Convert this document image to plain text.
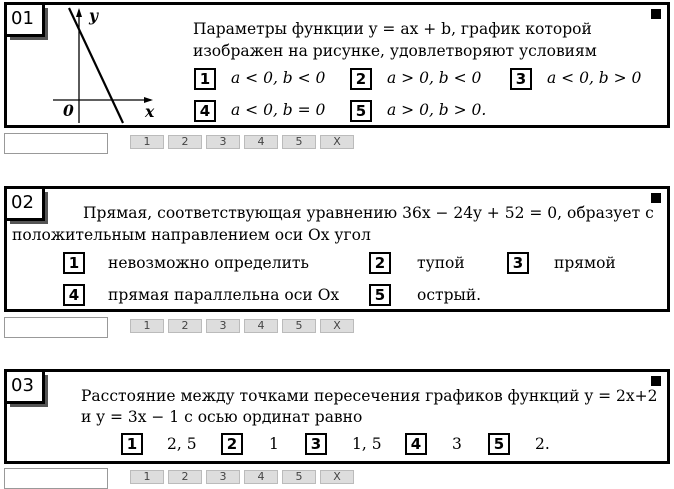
01	y
x
0
Параметры функции y = ax + b, график которой
изображен на рисунке, удовлетворяют условиям
1	a < 0, b < 0	2	a > 0, b < 0	3	a < 0, b > 0
4	a < 0, b = 0	5	a > 0, b > 0.
1	2	3	4	5	X
02	Прямая, соответствующая уравнению 36x − 24y + 52 = 0, образует с
положительным направлением оси Ox угол
1	невозможно определить	2	тупой	3	прямой
4	прямая параллельна оси Ox	5	острый.
1	2	3	4	5	X
03	Расстояние между точками пересечения графиков функций y = 2x+2
и y = 3x − 1 с осью ординат равно
1	2, 5	2	1	3	1, 5	4	3	5	2.
1	2	3	4	5	X
